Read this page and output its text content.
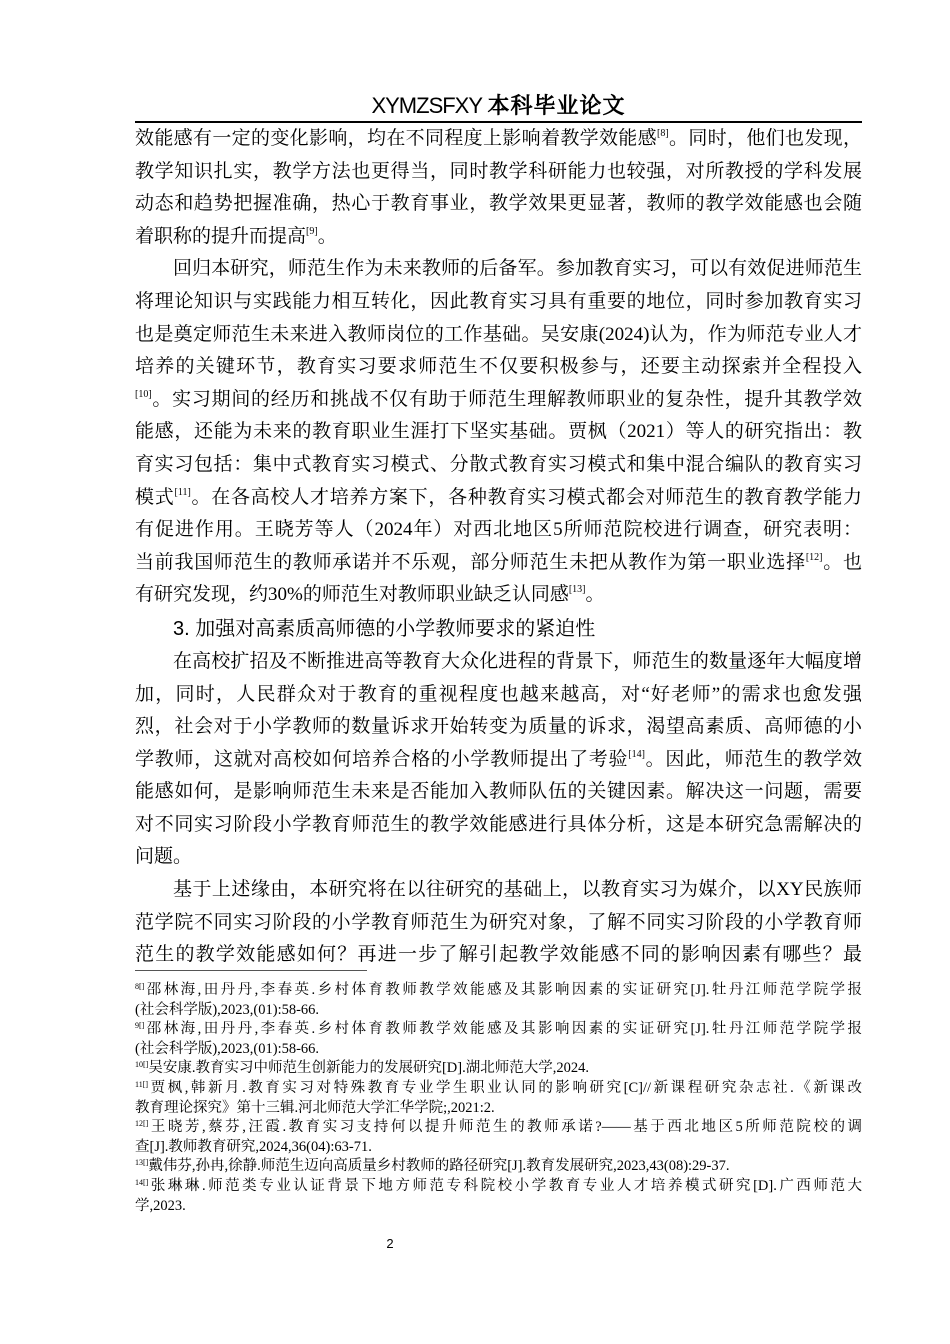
XYMZSFXY 本科毕业论文
效能感有一定的变化影响，均在不同程度上影响着教学效能感[8]。同时，他们也发现，
教学知识扎实，教学方法也更得当，同时教学科研能力也较强，对所教授的学科发展
动态和趋势把握准确，热心于教育事业，教学效果更显著，教师的教学效能感也会随
着职称的提升而提高[9]。
回归本研究，师范生作为未来教师的后备军。参加教育实习，可以有效促进师范生
将理论知识与实践能力相互转化，因此教育实习具有重要的地位，同时参加教育实习
也是奠定师范生未来进入教师岗位的工作基础。吴安康(2024)认为，作为师范专业人才
培养的关键环节，教育实习要求师范生不仅要积极参与，还要主动探索并全程投入
[10]。实习期间的经历和挑战不仅有助于师范生理解教师职业的复杂性，提升其教学效
能感，还能为未来的教育职业生涯打下坚实基础。贾枫（2021）等人的研究指出：教
育实习包括：集中式教育实习模式、分散式教育实习模式和集中混合编队的教育实习
模式[11]。在各高校人才培养方案下，各种教育实习模式都会对师范生的教育教学能力
有促进作用。王晓芳等人（2024年）对西北地区5所师范院校进行调查，研究表明：
当前我国师范生的教师承诺并不乐观，部分师范生未把从教作为第一职业选择[12]。也
有研究发现，约30%的师范生对教师职业缺乏认同感[13]。
3. 加强对高素质高师德的小学教师要求的紧迫性
在高校扩招及不断推进高等教育大众化进程的背景下，师范生的数量逐年大幅度增
加，同时，人民群众对于教育的重视程度也越来越高，对“好老师”的需求也愈发强
烈，社会对于小学教师的数量诉求开始转变为质量的诉求，渴望高素质、高师德的小
学教师，这就对高校如何培养合格的小学教师提出了考验[14]。因此，师范生的教学效
能感如何，是影响师范生未来是否能加入教师队伍的关键因素。解决这一问题，需要
对不同实习阶段小学教育师范生的教学效能感进行具体分析，这是本研究急需解决的
问题。
基于上述缘由，本研究将在以往研究的基础上，以教育实习为媒介，以XY民族师
范学院不同实习阶段的小学教育师范生为研究对象，了解不同实习阶段的小学教育师
范生的教学效能感如何？再进一步了解引起教学效能感不同的影响因素有哪些？最
$^{8[]}$邵林海,田丹丹,李春英.乡村体育教师教学效能感及其影响因素的实证研究[J].牡丹江师范学院学报
(社会科学版),2023,(01):58-66.
$^{9[]}$邵林海,田丹丹,李春英.乡村体育教师教学效能感及其影响因素的实证研究[J].牡丹江师范学院学报
(社会科学版),2023,(01):58-66.
$^{10[]}$吴安康.教育实习中师范生创新能力的发展研究[D].湖北师范大学,2024.
$^{11[]}$贾枫,韩新月.教育实习对特殊教育专业学生职业认同的影响研究[C]//新课程研究杂志社.《新课改
教育理论探究》第十三辑.河北师范大学汇华学院;,2021:2.
$^{12[]}$王晓芳,蔡芬,汪霞.教育实习支持何以提升师范生的教师承诺?——基于西北地区5所师范院校的调
查[J].教师教育研究,2024,36(04):63-71.
$^{13[]}$戴伟芬,孙冉,徐静.师范生迈向高质量乡村教师的路径研究[J].教育发展研究,2023,43(08):29-37.
$^{14[]}$张琳琳.师范类专业认证背景下地方师范专科院校小学教育专业人才培养模式研究[D].广西师范大
学,2023.
2
